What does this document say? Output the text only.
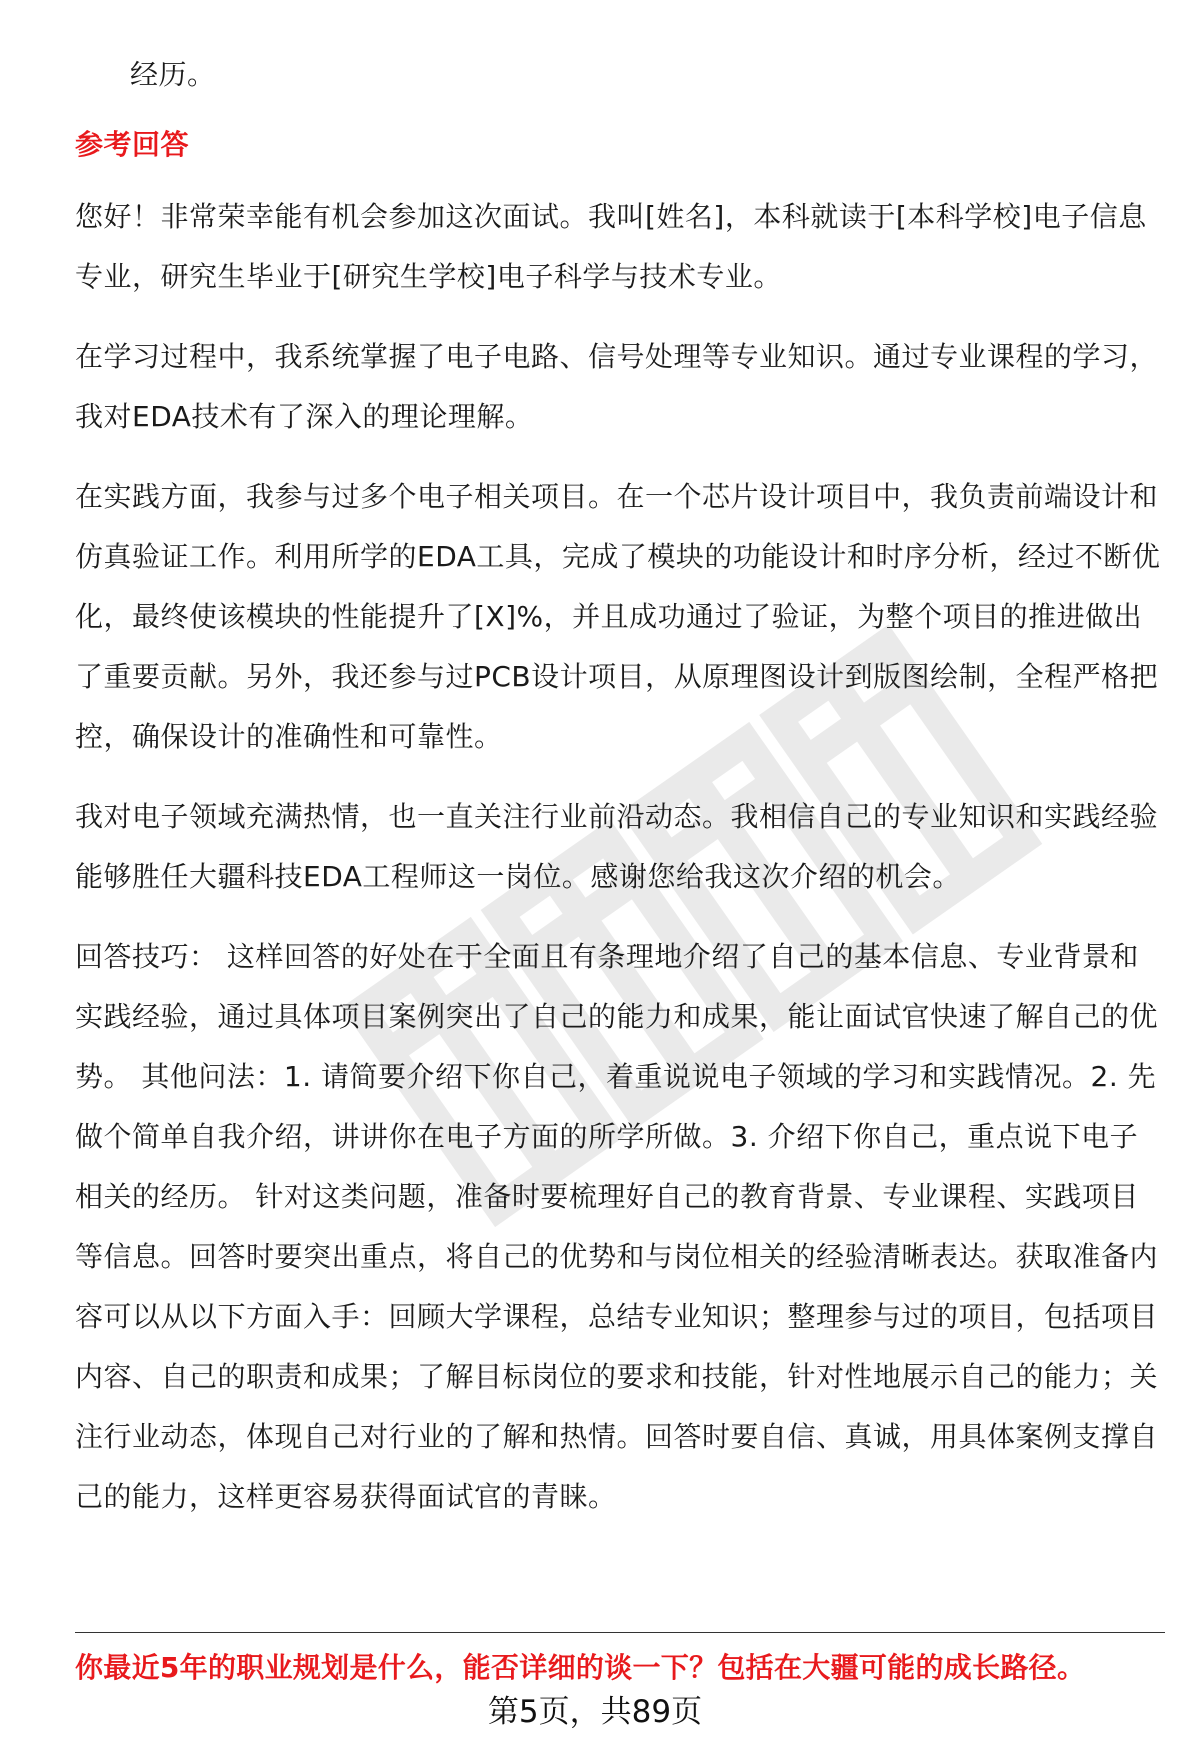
经历。

参考回答

您好！非常荣幸能有机会参加这次面试。我叫[姓名]，本科就读于[本科学校]电子信息专业，研究生毕业于[研究生学校]电子科学与技术专业。

在学习过程中，我系统掌握了电子电路、信号处理等专业知识。通过专业课程的学习，我对EDA技术有了深入的理论理解。

在实践方面，我参与过多个电子相关项目。在一个芯片设计项目中，我负责前端设计和仿真验证工作。利用所学的EDA工具，完成了模块的功能设计和时序分析，经过不断优化，最终使该模块的性能提升了[X]%，并且成功通过了验证，为整个项目的推进做出了重要贡献。另外，我还参与过PCB设计项目，从原理图设计到版图绘制，全程严格把控，确保设计的准确性和可靠性。

我对电子领域充满热情，也一直关注行业前沿动态。我相信自己的专业知识和实践经验能够胜任大疆科技EDA工程师这一岗位。感谢您给我这次介绍的机会。

回答技巧： 这样回答的好处在于全面且有条理地介绍了自己的基本信息、专业背景和实践经验，通过具体项目案例突出了自己的能力和成果，能让面试官快速了解自己的优势。 其他问法：1. 请简要介绍下你自己，着重说说电子领域的学习和实践情况。2. 先做个简单自我介绍，讲讲你在电子方面的所学所做。3. 介绍下你自己，重点说下电子相关的经历。 针对这类问题，准备时要梳理好自己的教育背景、专业课程、实践项目等信息。回答时要突出重点，将自己的优势和与岗位相关的经验清晰表达。获取准备内容可以从以下方面入手：回顾大学课程，总结专业知识；整理参与过的项目，包括项目内容、自己的职责和成果；了解目标岗位的要求和技能，针对性地展示自己的能力；关注行业动态，体现自己对行业的了解和热情。回答时要自信、真诚，用具体案例支撑自己的能力，这样更容易获得面试官的青睐。

你最近5年的职业规划是什么，能否详细的谈一下？包括在大疆可能的成长路径。
第5页，共89页
